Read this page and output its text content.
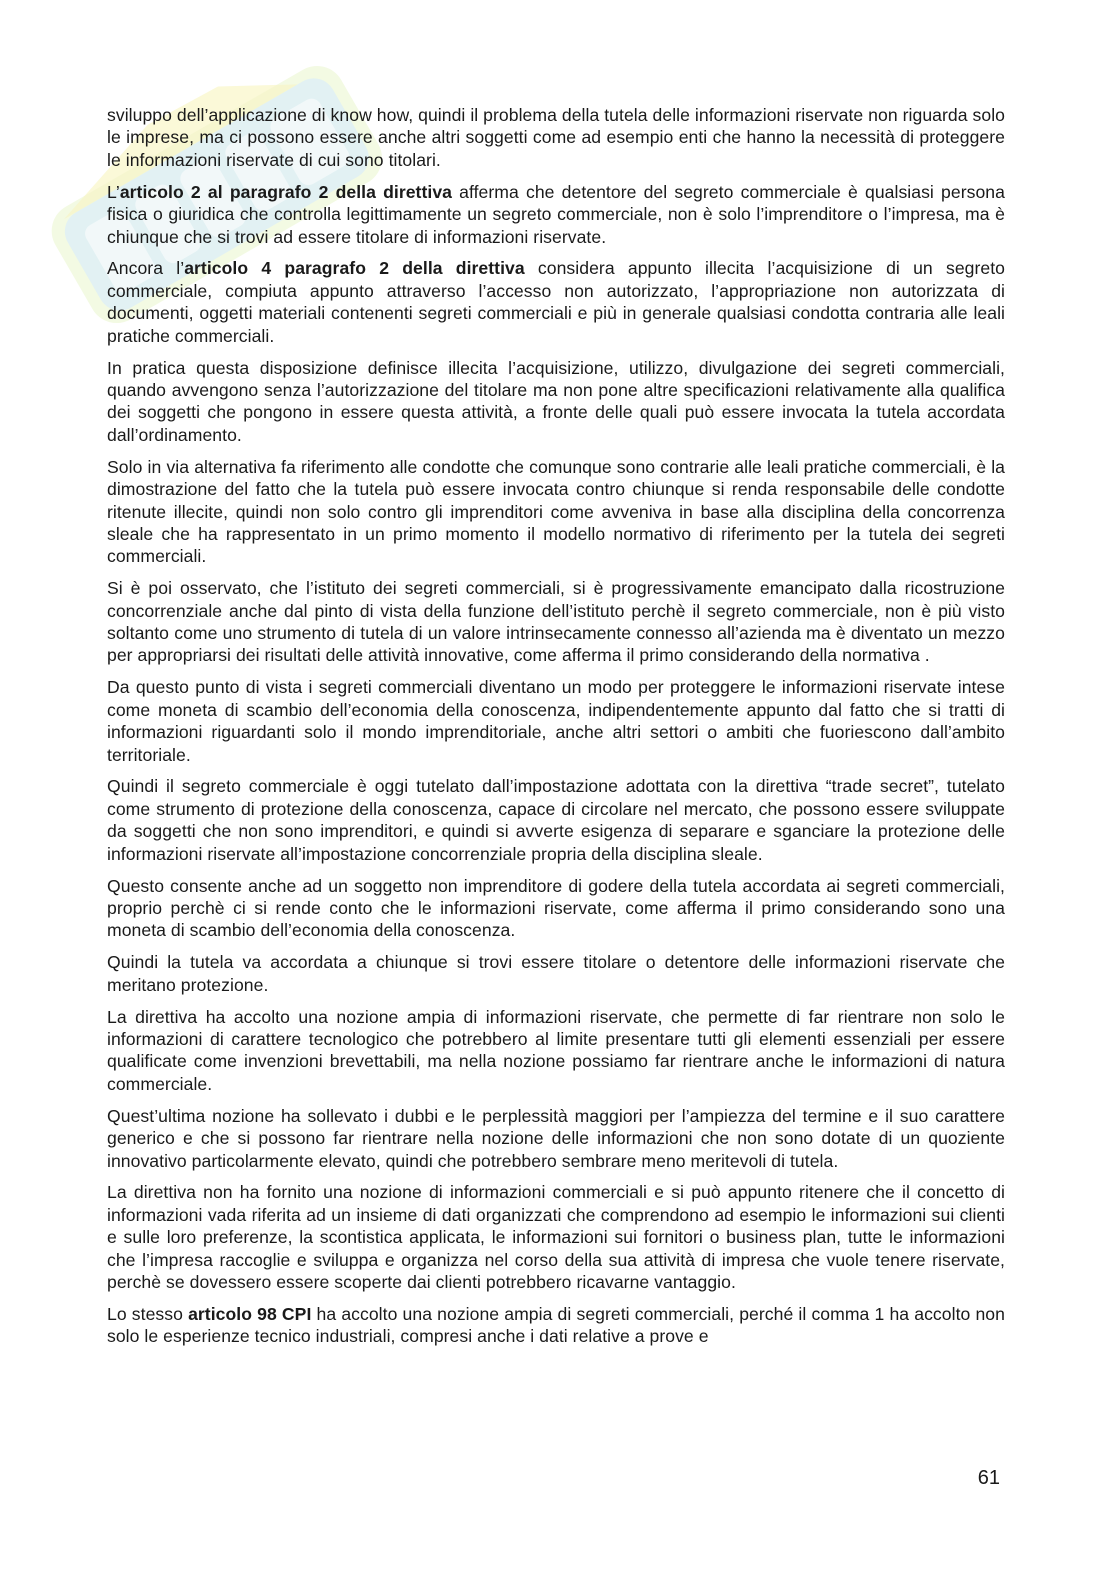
sviluppo dell’applicazione di know how, quindi il problema della tutela delle informazioni riservate non riguarda solo le imprese, ma ci possono essere anche altri soggetti come ad esempio enti che hanno la necessità di proteggere le informazioni riservate di cui sono titolari.

L’articolo 2 al paragrafo 2 della direttiva afferma che detentore del segreto commerciale è qualsiasi persona fisica o giuridica che controlla legittimamente un segreto commerciale, non è solo l’imprenditore o l’impresa, ma è chiunque che si trovi ad essere titolare di informazioni riservate.

Ancora l’articolo 4 paragrafo 2 della direttiva considera appunto illecita l’acquisizione di un segreto commerciale, compiuta appunto attraverso l’accesso non autorizzato, l’appropriazione non autorizzata di documenti, oggetti materiali contenenti segreti commerciali e più in generale qualsiasi condotta contraria alle leali pratiche commerciali.

In pratica questa disposizione definisce illecita l’acquisizione, utilizzo, divulgazione dei segreti commerciali, quando avvengono senza l’autorizzazione del titolare ma non pone altre specificazioni relativamente alla qualifica dei soggetti che pongono in essere questa attività, a fronte delle quali può essere invocata la tutela accordata dall’ordinamento.

Solo in via alternativa fa riferimento alle condotte che comunque sono contrarie alle leali pratiche commerciali, è la dimostrazione del fatto che la tutela può essere invocata contro chiunque si renda responsabile delle condotte ritenute illecite, quindi non solo contro gli imprenditori come avveniva in base alla disciplina della concorrenza sleale che ha rappresentato in un primo momento il modello normativo di riferimento per la tutela dei segreti commerciali.

Si è poi osservato, che l’istituto dei segreti commerciali, si è progressivamente emancipato dalla ricostruzione concorrenziale anche dal pinto di vista della funzione dell’istituto perchè il segreto commerciale, non è più visto soltanto come uno strumento di tutela di un valore intrinsecamente connesso all’azienda ma è diventato un mezzo per appropriarsi dei risultati delle attività innovative, come afferma il primo considerando della normativa .

Da questo punto di vista i segreti commerciali diventano un modo per proteggere le informazioni riservate intese come moneta di scambio dell’economia della conoscenza, indipendentemente appunto dal fatto che si tratti di informazioni riguardanti solo il mondo imprenditoriale, anche altri settori o ambiti che fuoriescono dall’ambito territoriale.

Quindi il segreto commerciale è oggi tutelato dall’impostazione adottata con la direttiva “trade secret”, tutelato come strumento di protezione della conoscenza, capace di circolare nel mercato, che possono essere sviluppate da soggetti che non sono imprenditori, e quindi si avverte esigenza di separare e sganciare la protezione delle informazioni riservate all’impostazione concorrenziale propria della disciplina sleale.

Questo consente anche ad un soggetto non imprenditore di godere della tutela accordata ai segreti commerciali, proprio perchè ci si rende conto che le informazioni riservate, come afferma il primo considerando sono una moneta di scambio dell’economia della conoscenza.

Quindi la tutela va accordata a chiunque si trovi essere titolare o detentore delle informazioni riservate che meritano protezione.

La direttiva ha accolto una nozione ampia di informazioni riservate, che permette di far rientrare non solo le informazioni di carattere tecnologico che potrebbero al limite presentare tutti gli elementi essenziali per essere qualificate come invenzioni brevettabili, ma nella nozione possiamo far rientrare anche le informazioni di natura commerciale.

Quest’ultima nozione ha sollevato i dubbi e le perplessità maggiori per l’ampiezza del termine e il suo carattere generico e che si possono far rientrare nella nozione delle informazioni che non sono dotate di un quoziente innovativo particolarmente elevato, quindi che potrebbero sembrare meno meritevoli di tutela.

La direttiva non ha fornito una nozione di informazioni commerciali e si può appunto ritenere che il concetto di informazioni vada riferita ad un insieme di dati organizzati che comprendono ad esempio le informazioni sui clienti e sulle loro preferenze, la scontistica applicata, le informazioni sui fornitori o business plan, tutte le informazioni che l’impresa raccoglie e sviluppa e organizza nel corso della sua attività di impresa che vuole tenere riservate, perchè se dovessero essere scoperte dai clienti potrebbero ricavarne vantaggio.

Lo stesso articolo 98 CPI ha accolto una nozione ampia di segreti commerciali, perché il comma 1 ha accolto non solo le esperienze tecnico industriali, compresi anche i dati relative a prove e

61
